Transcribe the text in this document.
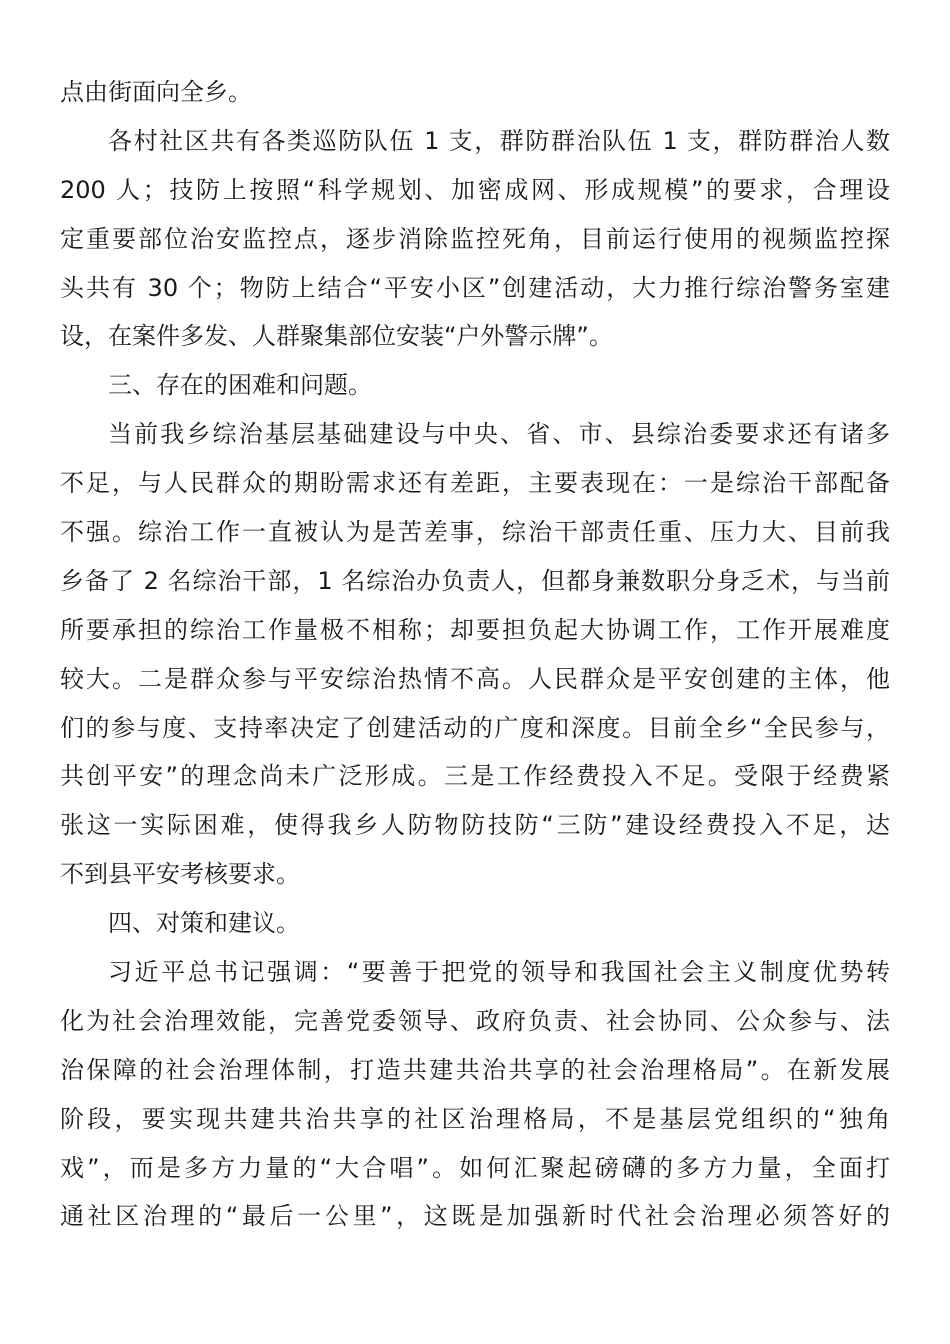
点由街面向全乡。
各村社区共有各类巡防队伍 1 支，群防群治队伍 1 支，群防群治人数
200 人；技防上按照“科学规划、加密成网、形成规模”的要求，合理设
定重要部位治安监控点，逐步消除监控死角，目前运行使用的视频监控探
头共有 30 个；物防上结合“平安小区”创建活动，大力推行综治警务室建
设，在案件多发、人群聚集部位安装“户外警示牌”。
三、存在的困难和问题。
当前我乡综治基层基础建设与中央、省、市、县综治委要求还有诸多
不足，与人民群众的期盼需求还有差距，主要表现在：一是综治干部配备
不强。综治工作一直被认为是苦差事，综治干部责任重、压力大、目前我
乡备了 2 名综治干部，1 名综治办负责人，但都身兼数职分身乏术，与当前
所要承担的综治工作量极不相称；却要担负起大协调工作，工作开展难度
较大。二是群众参与平安综治热情不高。人民群众是平安创建的主体，他
们的参与度、支持率决定了创建活动的广度和深度。目前全乡“全民参与，
共创平安”的理念尚未广泛形成。三是工作经费投入不足。受限于经费紧
张这一实际困难，使得我乡人防物防技防“三防”建设经费投入不足，达
不到县平安考核要求。
四、对策和建议。
习近平总书记强调：“要善于把党的领导和我国社会主义制度优势转
化为社会治理效能，完善党委领导、政府负责、社会协同、公众参与、法
治保障的社会治理体制，打造共建共治共享的社会治理格局”。在新发展
阶段，要实现共建共治共享的社区治理格局，不是基层党组织的“独角
戏”，而是多方力量的“大合唱”。如何汇聚起磅礴的多方力量，全面打
通社区治理的“最后一公里”，这既是加强新时代社会治理必须答好的
